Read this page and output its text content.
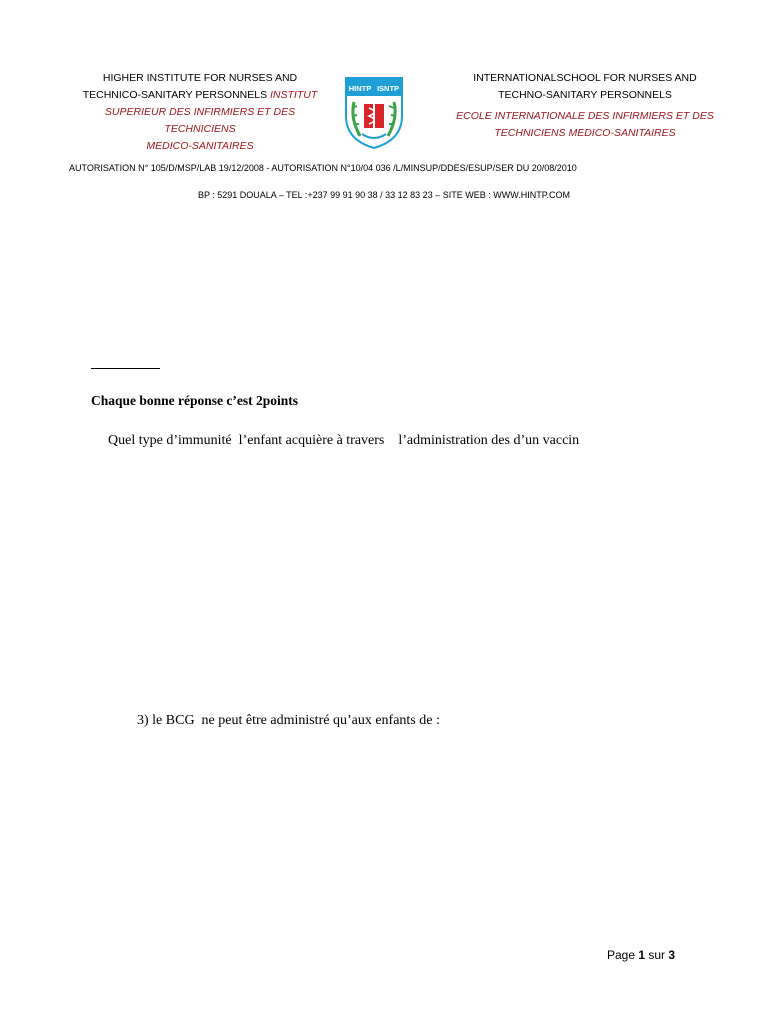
HIGHER INSTITUTE FOR NURSES AND
TECHNICO-SANITARY PERSONNELS INSTITUT
SUPERIEUR DES INFIRMIERS ET DES TECHNICIENS
MEDICO-SANITAIRES
HINTP ISNTP
INTERNATIONALSCHOOL FOR NURSES AND
TECHNO-SANITARY PERSONNELS
ECOLE INTERNATIONALE DES INFIRMIERS ET DES
TECHNICIENS MEDICO-SANITAIRES
AUTORISATION N° 105/D/MSP/LAB 19/12/2008 - AUTORISATION N°10/04 036 /L/MINSUP/DDES/ESUP/SER DU 20/08/2010
BP : 5291 DOUALA – TEL :+237 99 91 90 38 / 33 12 83 23 – SITE WEB : WWW.HINTP.COM
Chaque bonne réponse c’est 2points
Quel type d’immunité  l’enfant acquière à travers    l’administration des d’un vaccin
3) le BCG  ne peut être administré qu’aux enfants de :
Page 1 sur 3
